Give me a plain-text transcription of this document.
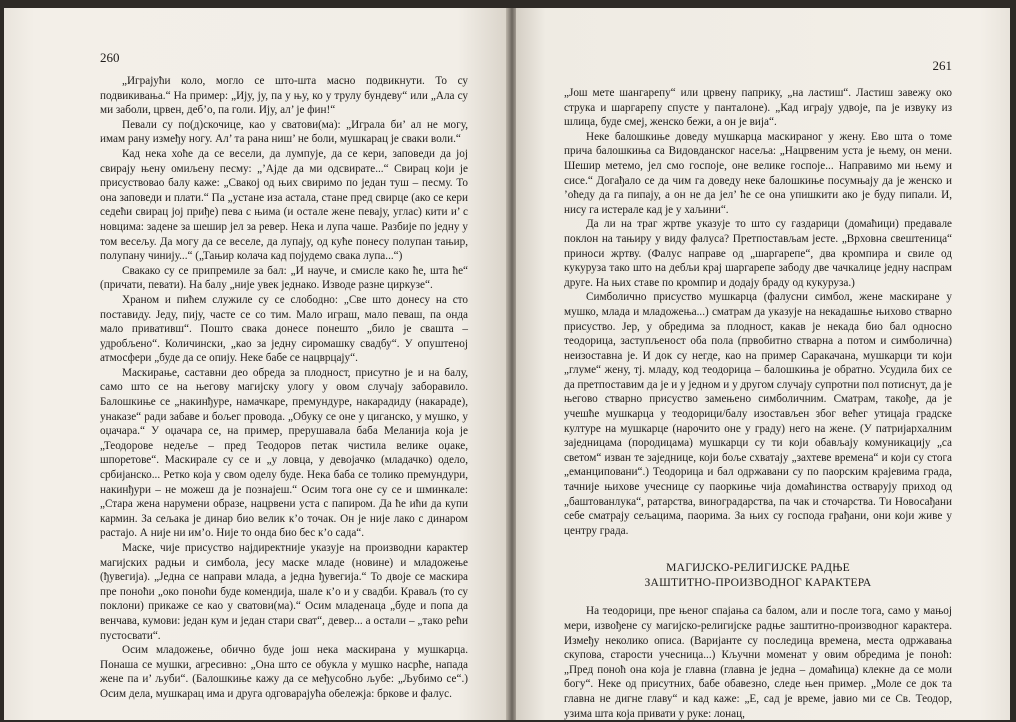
260

„Играјући коло, могло се што-шта масно подвикнути. То су подвикивања.“ На пример: „Ију, ју, па у њу, ко у трулу бундеву“ или „Ала су ми заболи, црвен, деб’о, па голи. Ију, ал’ је фин!“

Певали су по(д)скочице, као у сватови(ма): „Играла би’ ал не могу, имам рану између ногу. Ал’ та рана ниш’ не боли, мушкарац је сваки воли.“

Кад нека хоће да се весели, да лумпује, да се кери, заповеди да јој свирају њену омиљену песму: „’Ајде да ми одсвирате...“ Свирац који је присуствовао балу каже: „Свакој од њих свиримо по један туш – песму. То она заповеди и плати.“ Па „устане иза астала, стане пред свирце (ако се кери седећи свирац јој приђе) пева с њима (и остале жене певају, углас) кити и’ с новцима: задене за шешир јел за ревер. Нека и лупа чаше. Разбије по једну у том весељу. Да могу да се веселе, да лупају, од куће понесу полупан тањир, полупану чинију...“ („Тањир колача кад појудемо свака лупа...“)

Свакако су се припремиле за бал: „И науче, и смисле како ће, шта ће“ (причати, певати). На балу „није увек једнако. Изводе разне циркузе“.

Храном и пићем служиле су се слободно: „Све што донесу на сто поставиду. Једу, пију, часте се со тим. Мало играш, мало певаш, па онда мало привативш“. Пошто свака донесе понешто „било је свашта – удробљено“. Количински, „као за једну сиромашку свадбу“. У опуштеној атмосфери „буде да се опију. Неке бабе се нацврцају“.

Маскирање, саставни део обреда за плодност, присутно је и на балу, само што се на његову магијску улогу у овом случају заборавило. Балошкиње се „накинђуре, намачкаре, премундуре, накарадиду (накараде), унаказе“ ради забаве и бољег провода. „Обуку се оне у циганско, у мушко, у оџачара.“ У оџачара се, на пример, прерушавала баба Меланија која је „Теодорове недеље – пред Теодоров петак чистила велике оџаке, шпоретове“. Маскирале су се и „у ловца, у девојачко (младачко) одело, србијанско... Ретко која у свом оделу буде. Нека баба се толико премундури, накинђури – не можеш да је познајеш.“ Осим тога оне су се и шминкале: „Стара жена нарумени образе, нацрвени уста с папиром. Да ће ићи да купи кармин. За сељака је динар био велик к’о точак. Он је није лако с динаром растајо. А није ни им’о. Није то онда био бес к’о сада“.

Маске, чије присуство најдиректније указује на производни карактер магијских радњи и симбола, јесу маске младе (новине) и младожење (ђувегија). „Једна се направи млада, а једна ђувегија.“ То двоје се маскира пре поноћи „око поноћи буде комендија, шале к’о и у свадби. Краваљ (то су поклони) прикаже се као у сватови(ма).“ Осим младенаца „буде и попа да венчава, кумови: један кум и један стари сват“, девер... а остали – „тако рећи пустосвати“.

Осим младожење, обично буде још нека маскирана у мушкарца. Понаша се мушки, агресивно: „Она што се обукла у мушко насрће, напада жене па и’ љуби“. (Балошкиње кажу да се међусобно љубе: „Љубимо се“.) Осим дела, мушкарац има и друга одговарајућа обележја: бркове и фалус.

261

„Још мете шангарепу“ или црвену паприку, „на ластиш“. Ластиш завежу око струка и шаргарепу спусте у панталоне). „Кад играју удвоје, па је извуку из шлица, буде смеј, женско бежи, а он је вија“.

Неке балошкиње доведу мушкарца маскираног у жену. Ево шта о томе прича балошкиња са Видовданског насеља: „Нацрвеним уста је њему, он мени. Шешир метемо, јел смо госпоје, оне велике госпоје... Направимо ми њему и сисе.“ Догађало се да чим га доведу неке балошкиње посумњају да је женско и ’оћеду да га пипају, а он не да јел’ ће се она упишкити ако је буду пипали. И, нису га истерале кад је у хаљини“.

Да ли на траг жртве указује то што су газдарици (домаћици) предавале поклон на тањиру у виду фалуса? Претпостављам јесте. „Врховна свештеница“ приноси жртву. (Фалус направе од „шаргарепе“, два кромпира и свиле од кукуруза тако што на дебљи крај шаргарепе забоду две чачкалице једну наспрам друге. На њих ставе по кромпир и додају браду од кукуруза.)

Симболично присуство мушкарца (фалусни симбол, жене маскиране у мушко, млада и младожења...) сматрам да указује на некадашње њихово стварно присуство. Јер, у обредима за плодност, какав је некада био бал односно теодорица, заступљеност оба пола (првобитно стварна а потом и симболична) неизоставна је. И док су негде, као на пример Саракачана, мушкарци ти који „глуме“ жену, тј. младу, код теодорица – балошкиња је обратно. Усудила бих се да претпоставим да је и у једном и у другом случају супротни пол потиснут, да је његово стварно присуство замењено симболичним. Сматрам, такође, да је учешће мушкарца у теодорици/балу изостављен због већег утицаја градске културе на мушкарце (нарочито оне у граду) него на жене. (У патријархалним заједницама (породицама) мушкарци су ти који обављају комуникацију „са светом“ изван те заједнице, који боље схватају „захтеве времена“ и који су стога „еманциповани“.) Теодорица и бал одржавани су по паорским крајевима града, тачније њихове учеснице су паоркиње чија домаћинства остварују приход од „баштованлука“, ратарства, виноградарства, па чак и сточарства. Ти Новосађани себе сматрају сељацима, паорима. За њих су господа грађани, они који живе у центру града.

МАГИЈСКО-РЕЛИГИЈСКЕ РАДЊЕ
ЗАШТИТНО-ПРОИЗВОДНОГ КАРАКТЕРА

На теодорици, пре њеног спајања са балом, али и после тога, само у мањој мери, извођене су магијско-религијске радње заштитно-производног карактера. Између неколико описа. (Варијанте су последица времена, места одржавања скупова, старости учесница...) Кључни моменат у овим обредима је поноћ: „Пред поноћ она која је главна (главна је једна – домаћица) клекне да се моли богу“. Неке од присутних, бабе обавезно, следе њен пример. „Моле се док та главна не дигне главу“ и кад каже: „Е, сад је време, јавио ми се Св. Теодор, узима шта која привати у руке: лонац,
